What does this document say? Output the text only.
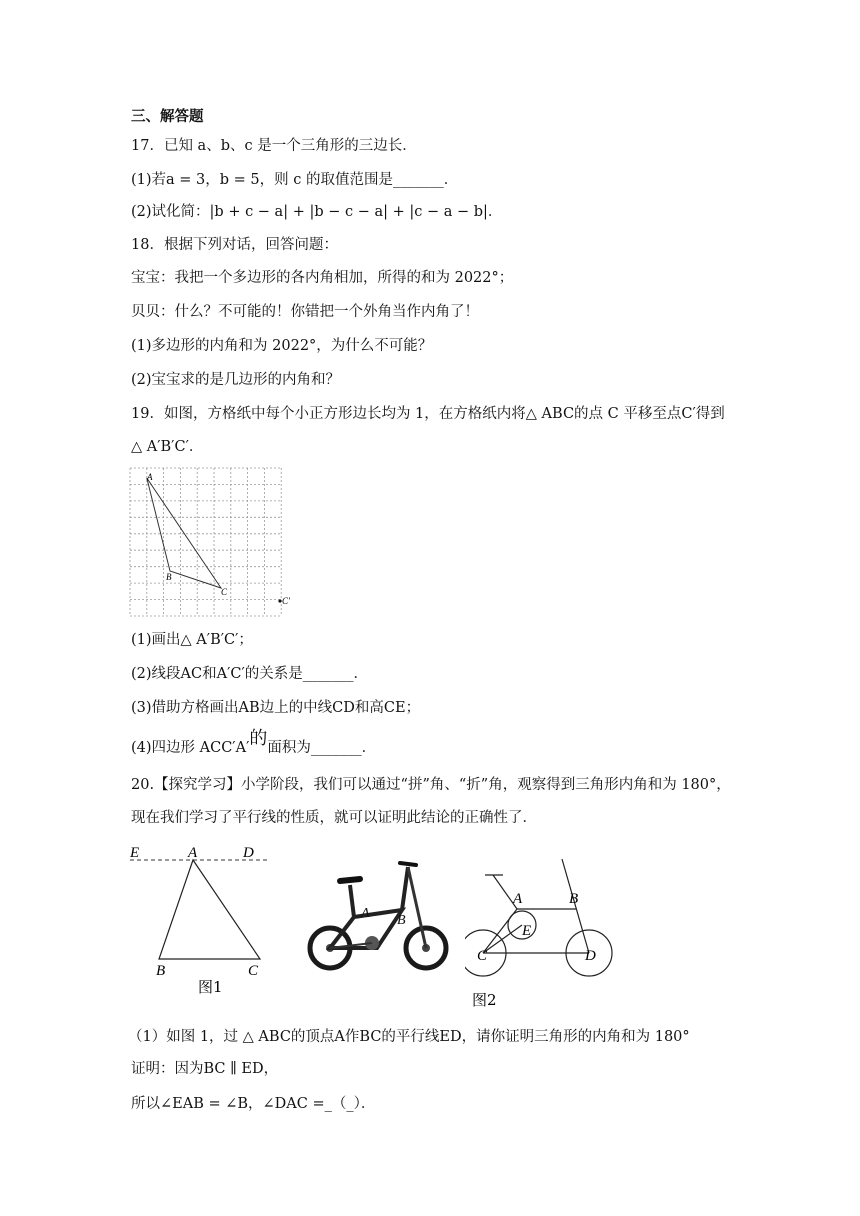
三、解答题
17．已知 a、b、c 是一个三角形的三边长．
(1)若a = 3，b = 5，则 c 的取值范围是_______．
(2)试化简：|b + c − a| + |b − c − a| + |c − a − b|．
18．根据下列对话，回答问题：
宝宝：我把一个多边形的各内角相加，所得的和为 2022°；
贝贝：什么？不可能的！你错把一个外角当作内角了！
(1)多边形的内角和为 2022°，为什么不可能？
(2)宝宝求的是几边形的内角和？
19．如图，方格纸中每个小正方形边长均为 1，在方格纸内将△ ABC的点 C 平移至点C′得到
△ A′B′C′．
A
B
C
C′
(1)画出△ A′B′C′；
(2)线段AC和A′C′的关系是_______．
(3)借助方格画出AB边上的中线CD和高CE；
(4)四边形 ACC′A′的面积为_______．
20.【探究学习】小学阶段，我们可以通过“拼”角、“折”角，观察得到三角形内角和为 180°，
现在我们学习了平行线的性质，就可以证明此结论的正确性了．
E	A	D
B	C
图1
A B
A	B
C	D
E
图2
（1）如图 1，过 △ ABC的顶点A作BC的平行线ED，请你证明三角形的内角和为 180°
证明：因为BC ∥ ED，
所以∠EAB = ∠B，∠DAC =_（_）．
